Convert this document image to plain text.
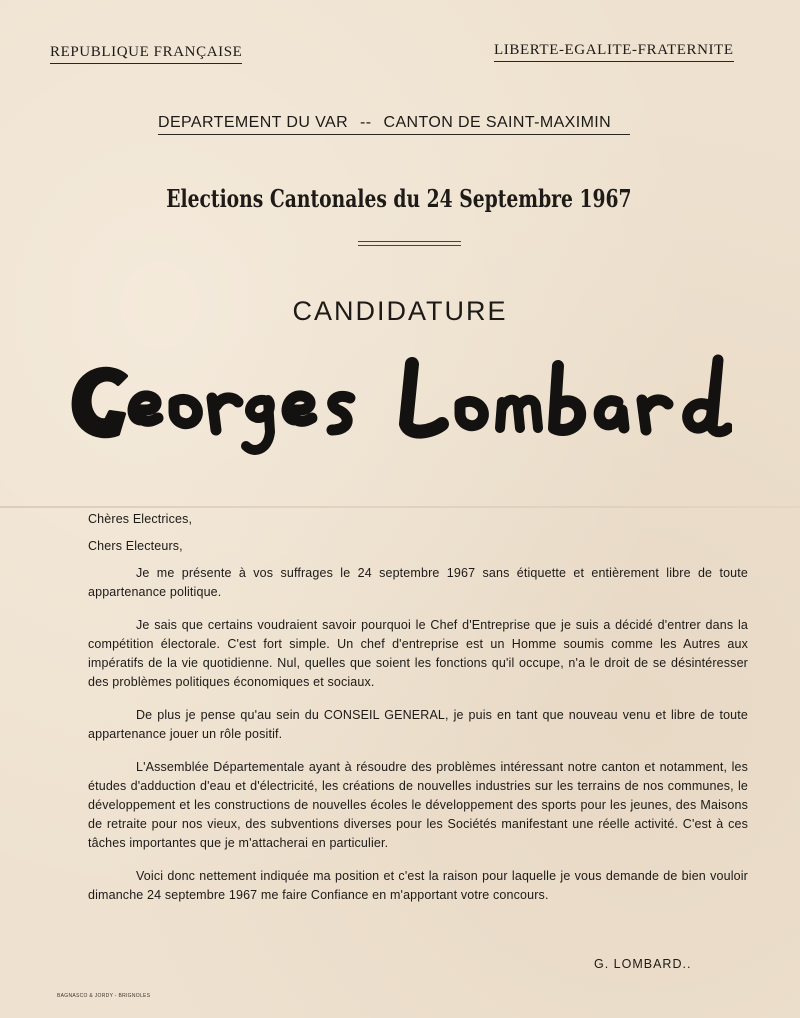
REPUBLIQUE FRANÇAISE	LIBERTE-EGALITE-FRATERNITE
DEPARTEMENT DU VAR -- CANTON DE SAINT-MAXIMIN
Elections Cantonales du 24 Septembre 1967
CANDIDATURE

Chères Electrices,

Chers Electeurs,

Je me présente à vos suffrages le 24 septembre 1967 sans étiquette et entièrement libre de toute appartenance politique.

Je sais que certains voudraient savoir pourquoi le Chef d'Entreprise que je suis a décidé d'entrer dans la compétition électorale. C'est fort simple. Un chef d'entreprise est un Homme soumis comme les Autres aux impératifs de la vie quotidienne. Nul, quelles que soient les fonctions qu'il occupe, n'a le droit de se désintéresser des problèmes politiques économiques et sociaux.

De plus je pense qu'au sein du CONSEIL GENERAL, je puis en tant que nouveau venu et libre de toute appartenance jouer un rôle positif.

L'Assemblée Départementale ayant à résoudre des problèmes intéressant notre canton et notamment, les études d'adduction d'eau et d'électricité, les créations de nouvelles industries sur les terrains de nos communes, le développement et les constructions de nouvelles écoles le développement des sports pour les jeunes, des Maisons de retraite pour nos vieux, des subventions diverses pour les Sociétés manifestant une réelle activité. C'est à ces tâches importantes que je m'attacherai en particulier.

Voici donc nettement indiquée ma position et c'est la raison pour laquelle je vous demande de bien vouloir dimanche 24 septembre 1967 me faire Confiance en m'apportant votre concours.

G. LOMBARD..
BAGNASCO & JORDY - BRIGNOLES
